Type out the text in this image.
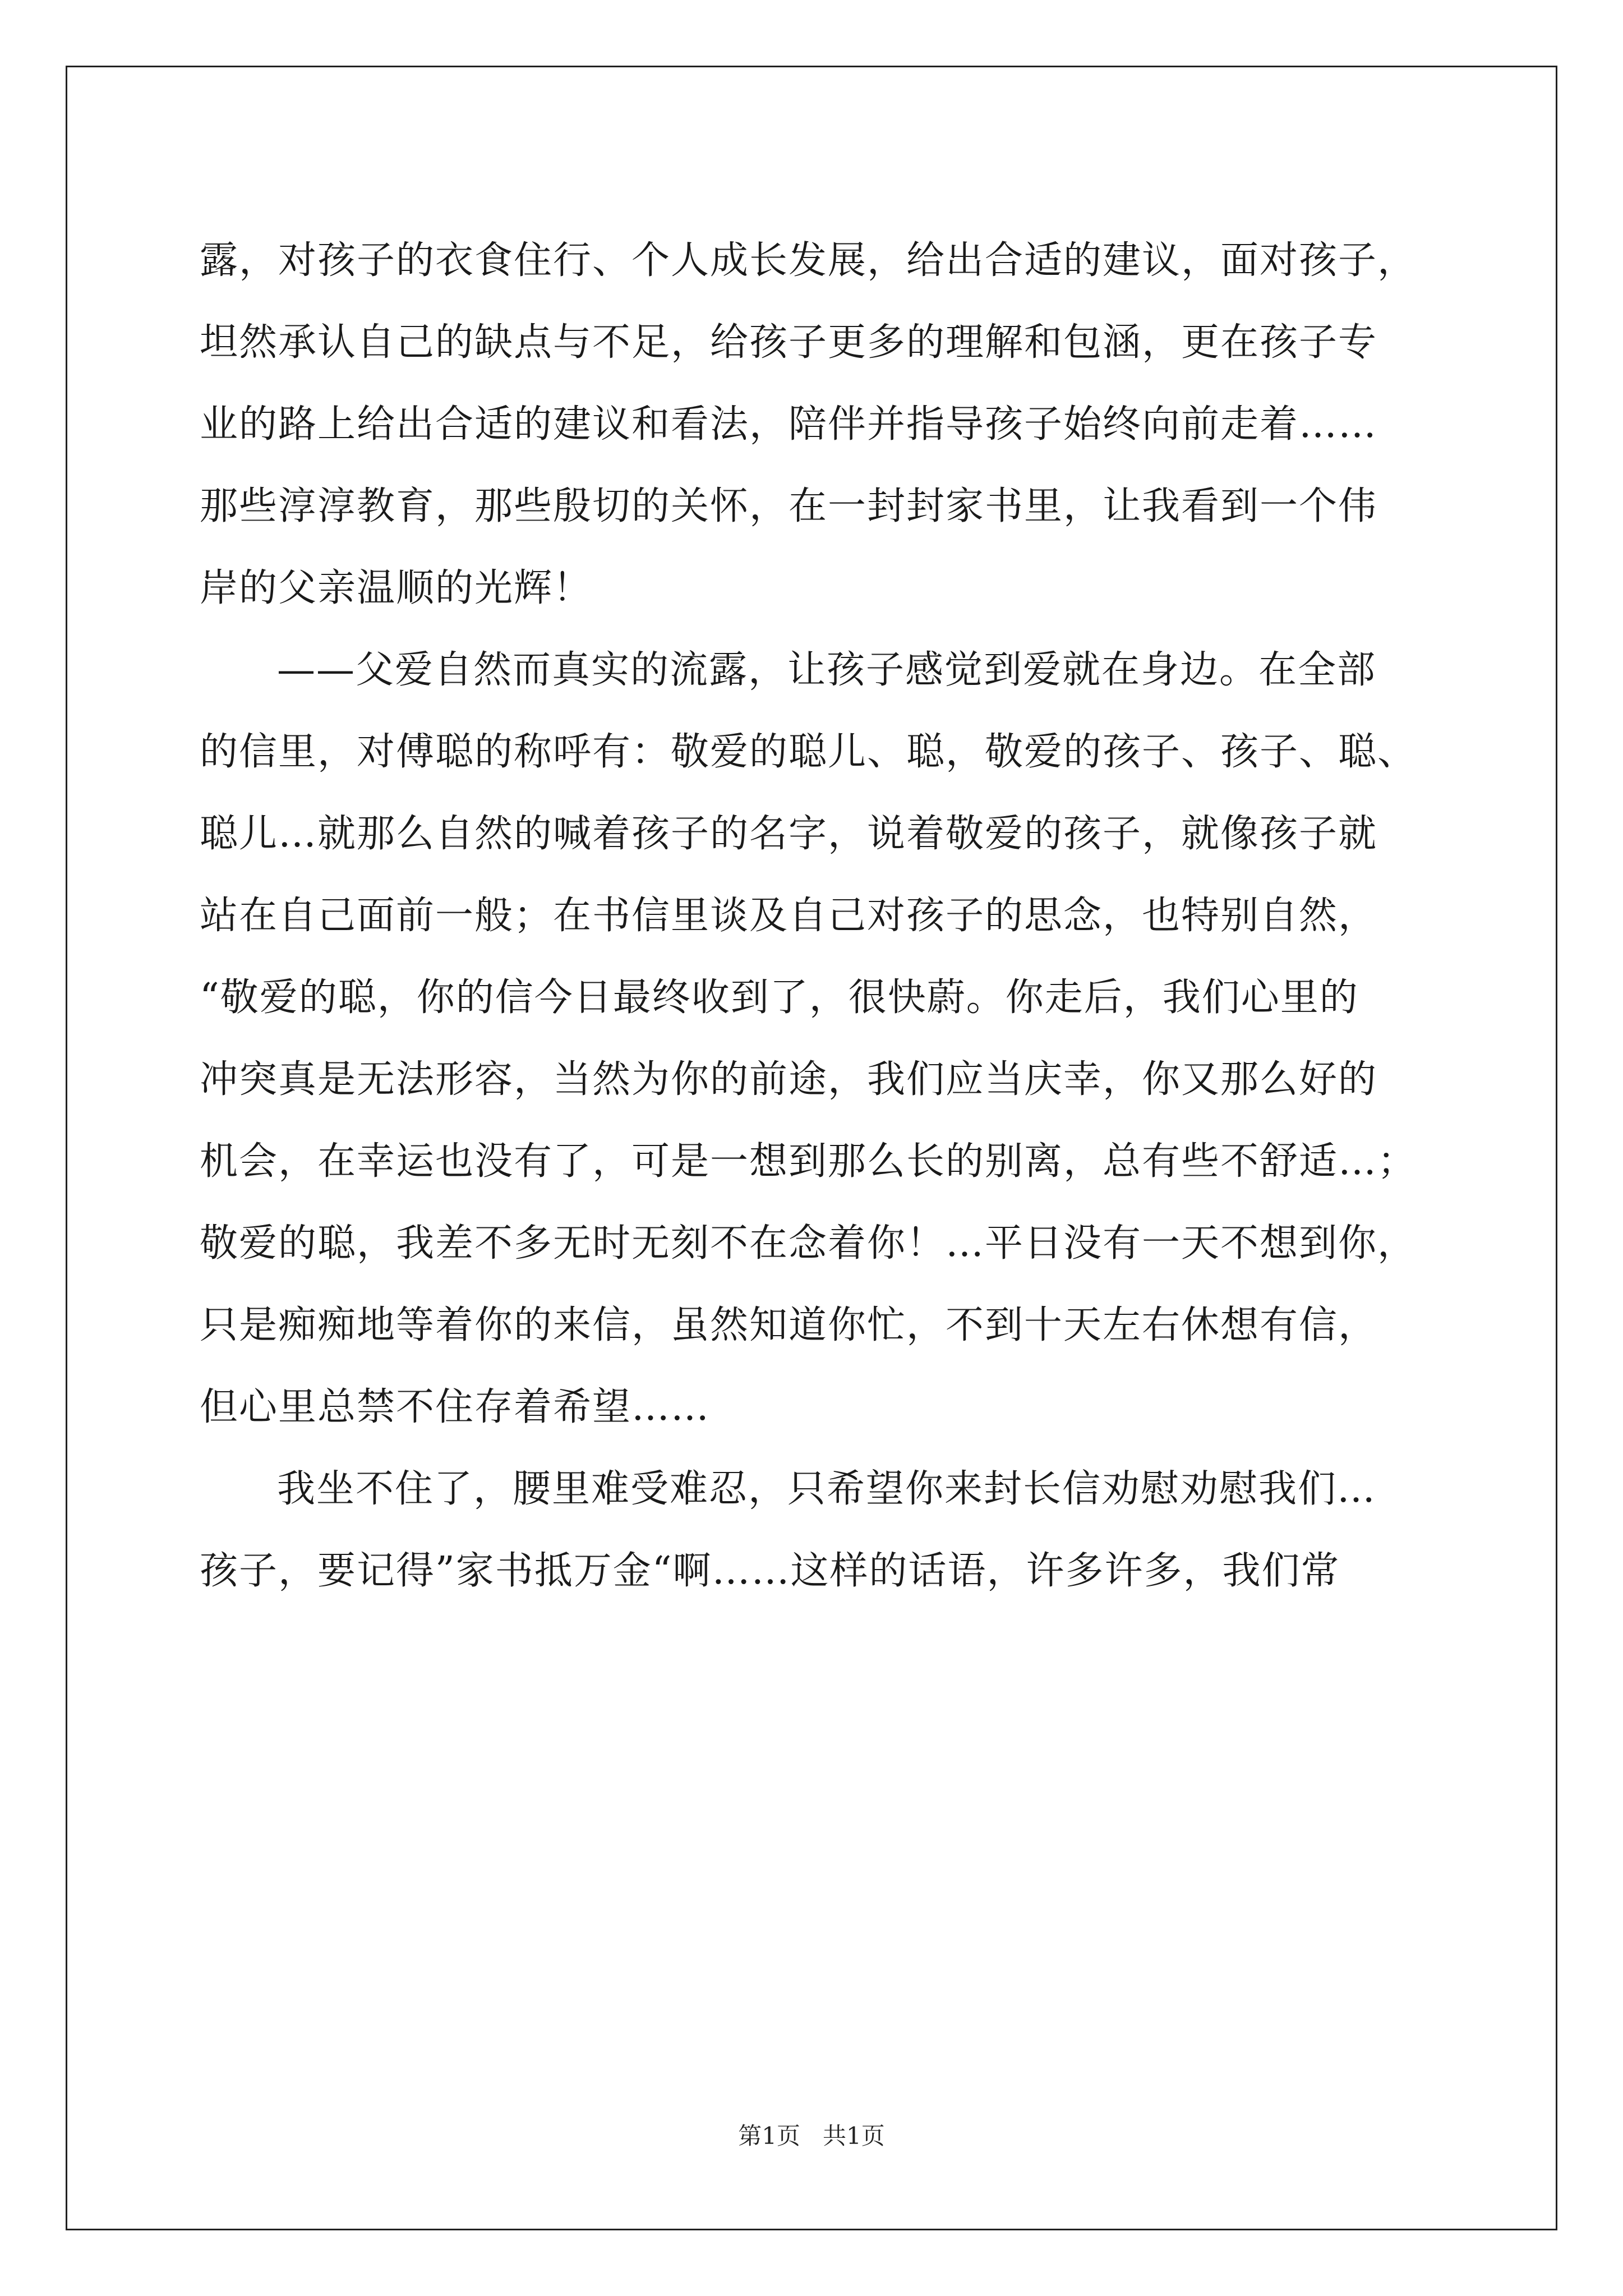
露，对孩子的衣食住行、个人成长发展，给出合适的建议，面对孩子，
坦然承认自己的缺点与不足，给孩子更多的理解和包涵，更在孩子专
业的路上给出合适的建议和看法，陪伴并指导孩子始终向前走着……
那些淳淳教育，那些殷切的关怀，在一封封家书里，让我看到一个伟
岸的父亲温顺的光辉！
——父爱自然而真实的流露，让孩子感觉到爱就在身边。在全部
的信里，对傅聪的称呼有：敬爱的聪儿、聪，敬爱的孩子、孩子、聪、
聪儿…就那么自然的喊着孩子的名字，说着敬爱的孩子，就像孩子就
站在自己面前一般；在书信里谈及自己对孩子的思念，也特别自然，
“敬爱的聪，你的信今日最终收到了，很快蔚。你走后，我们心里的
冲突真是无法形容，当然为你的前途，我们应当庆幸，你又那么好的
机会，在幸运也没有了，可是一想到那么长的别离，总有些不舒适…；
敬爱的聪，我差不多无时无刻不在念着你！…平日没有一天不想到你，
只是痴痴地等着你的来信，虽然知道你忙，不到十天左右休想有信，
但心里总禁不住存着希望……
我坐不住了，腰里难受难忍，只希望你来封长信劝慰劝慰我们…
孩子，要记得”家书抵万金“啊……这样的话语，许多许多，我们常
第1页   共1页
